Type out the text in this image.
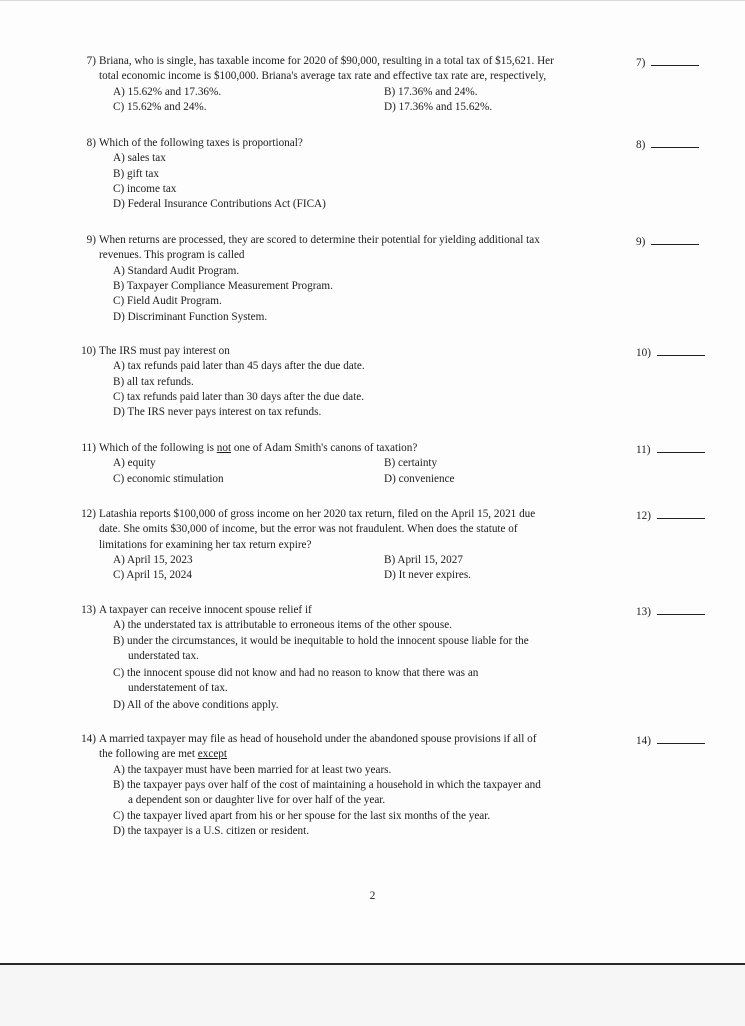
7) Briana, who is single, has taxable income for 2020 of $90,000, resulting in a total tax of $15,621. Her
total economic income is $100,000. Briana's average tax rate and effective tax rate are, respectively,
A) 15.62% and 17.36%.	B) 17.36% and 24%.
C) 15.62% and 24%.	D) 17.36% and 15.62%.
7)
8) Which of the following taxes is proportional?
A) sales tax
B) gift tax
C) income tax
D) Federal Insurance Contributions Act (FICA)
8)
9) When returns are processed, they are scored to determine their potential for yielding additional tax
revenues. This program is called
A) Standard Audit Program.
B) Taxpayer Compliance Measurement Program.
C) Field Audit Program.
D) Discriminant Function System.
9)
10) The IRS must pay interest on
A) tax refunds paid later than 45 days after the due date.
B) all tax refunds.
C) tax refunds paid later than 30 days after the due date.
D) The IRS never pays interest on tax refunds.
10)
11) Which of the following is not one of Adam Smith's canons of taxation?
A) equity	B) certainty
C) economic stimulation	D) convenience
11)
12) Latashia reports $100,000 of gross income on her 2020 tax return, filed on the April 15, 2021 due
date. She omits $30,000 of income, but the error was not fraudulent. When does the statute of
limitations for examining her tax return expire?
A) April 15, 2023	B) April 15, 2027
C) April 15, 2024	D) It never expires.
12)
13) A taxpayer can receive innocent spouse relief if
A) the understated tax is attributable to erroneous items of the other spouse.
B) under the circumstances, it would be inequitable to hold the innocent spouse liable for the
understated tax.
C) the innocent spouse did not know and had no reason to know that there was an
understatement of tax.
D) All of the above conditions apply.
13)
14) A married taxpayer may file as head of household under the abandoned spouse provisions if all of
the following are met except
A) the taxpayer must have been married for at least two years.
B) the taxpayer pays over half of the cost of maintaining a household in which the taxpayer and
a dependent son or daughter live for over half of the year.
C) the taxpayer lived apart from his or her spouse for the last six months of the year.
D) the taxpayer is a U.S. citizen or resident.
14)
2
